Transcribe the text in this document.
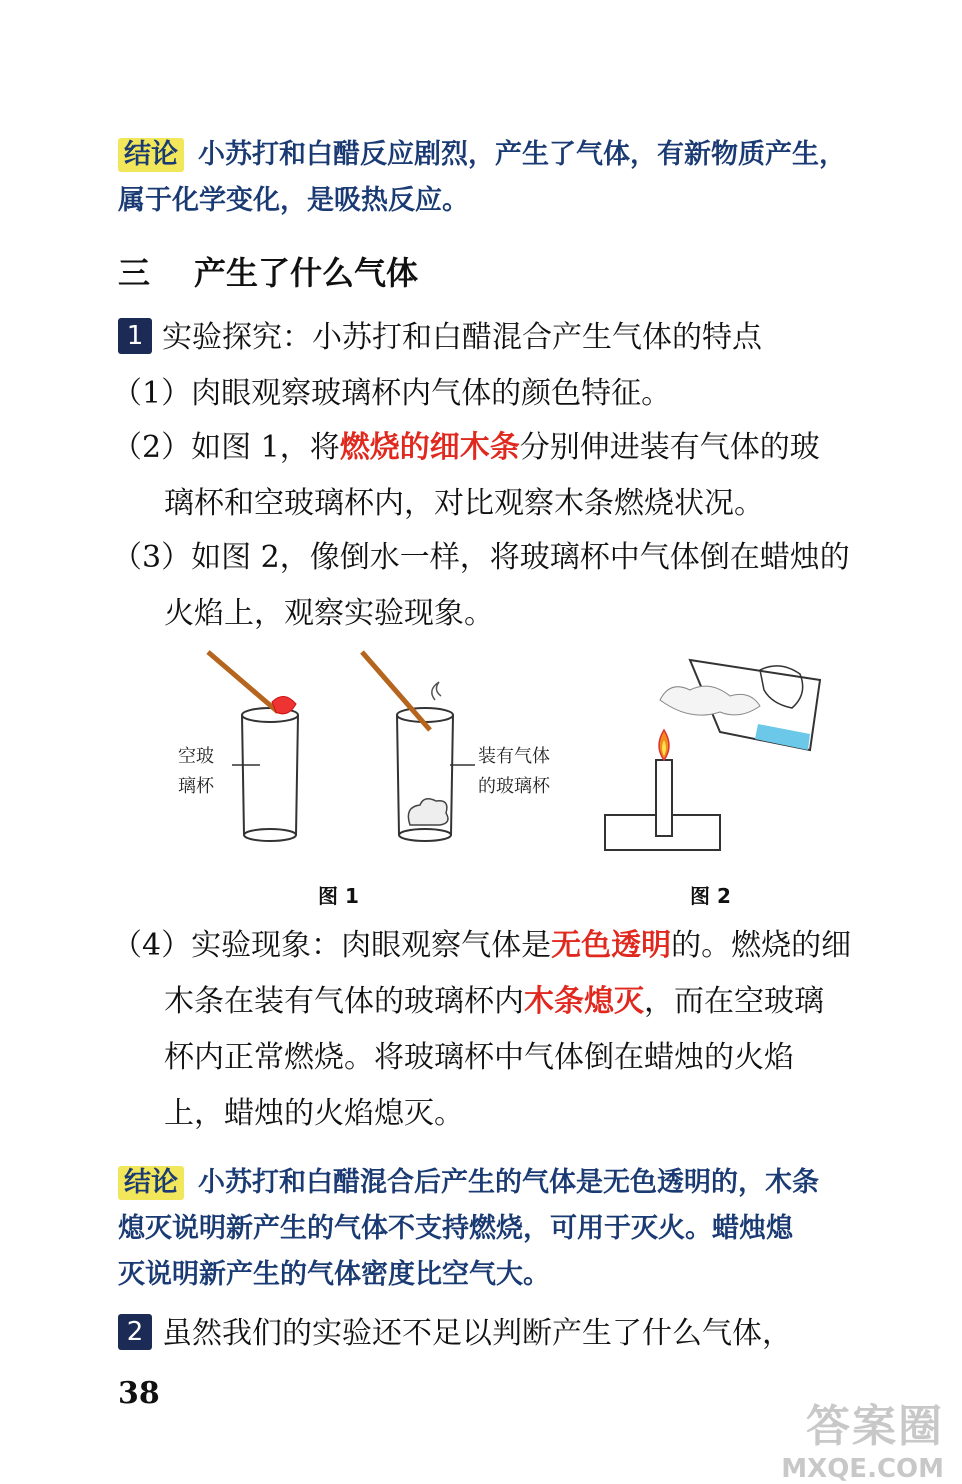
结论 小苏打和白醋反应剧烈，产生了气体，有新物质产生，
属于化学变化，是吸热反应。
三 产生了什么气体
1 实验探究：小苏打和白醋混合产生气体的特点
（1）肉眼观察玻璃杯内气体的颜色特征。
（2）如图 1，将燃烧的细木条分别伸进装有气体的玻
璃杯和空玻璃杯内，对比观察木条燃烧状况。
（3）如图 2，像倒水一样，将玻璃杯中气体倒在蜡烛的
火焰上，观察实验现象。
空玻
璃杯
装有气体
的玻璃杯
图 1	图 2
（4）实验现象：肉眼观察气体是无色透明的。燃烧的细
木条在装有气体的玻璃杯内木条熄灭，而在空玻璃
杯内正常燃烧。将玻璃杯中气体倒在蜡烛的火焰
上，蜡烛的火焰熄灭。
结论 小苏打和白醋混合后产生的气体是无色透明的，木条
熄灭说明新产生的气体不支持燃烧，可用于灭火。蜡烛熄
灭说明新产生的气体密度比空气大。
2 虽然我们的实验还不足以判断产生了什么气体，
38
答案圈
MXQE.COM
